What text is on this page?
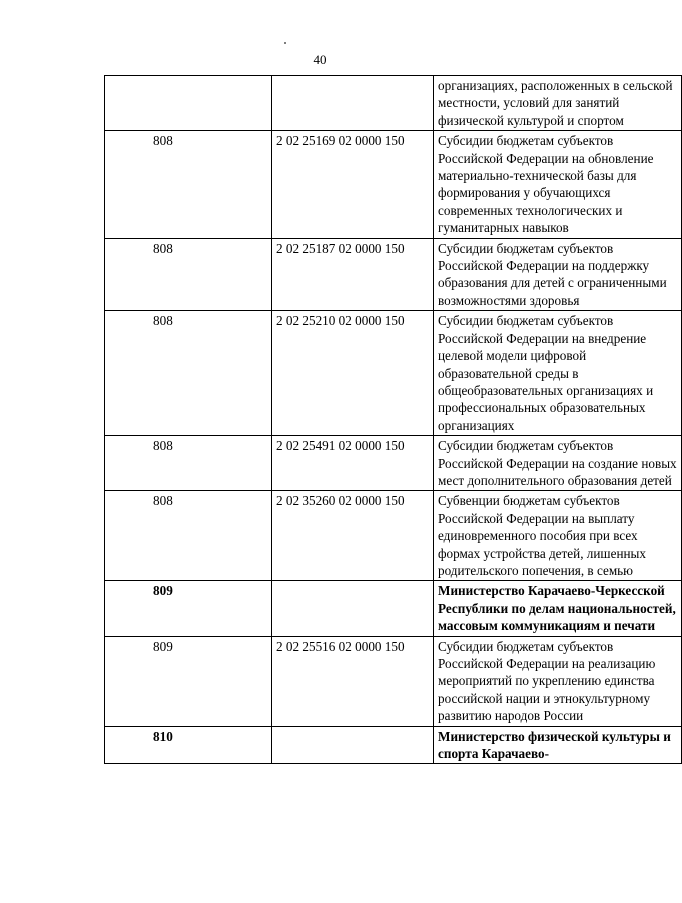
40
		организациях, расположенных в сельской местности, условий для занятий физической культурой и спортом
808	2 02 25169 02 0000 150	Субсидии бюджетам субъектов Российской Федерации на обновление материально-технической базы для формирования у обучающихся современных технологических и гуманитарных навыков
808	2 02 25187 02 0000 150	Субсидии бюджетам субъектов Российской Федерации на поддержку образования для детей с ограниченными возможностями здоровья
808	2 02 25210 02 0000 150	Субсидии бюджетам субъектов Российской Федерации на внедрение целевой модели цифровой образовательной среды в общеобразовательных организациях и профессиональных образовательных организациях
808	2 02 25491 02 0000 150	Субсидии бюджетам субъектов Российской Федерации на создание новых мест дополнительного образования детей
808	2 02 35260 02 0000 150	Субвенции бюджетам субъектов Российской Федерации на выплату единовременного пособия при всех формах устройства детей, лишенных родительского попечения, в семью
809		Министерство Карачаево-Черкесской Республики по делам национальностей, массовым коммуникациям и печати
809	2 02 25516 02 0000 150	Субсидии бюджетам субъектов Российской Федерации на реализацию мероприятий по укреплению единства российской нации и этнокультурному развитию народов России
810		Министерство физической культуры и спорта Карачаево-
